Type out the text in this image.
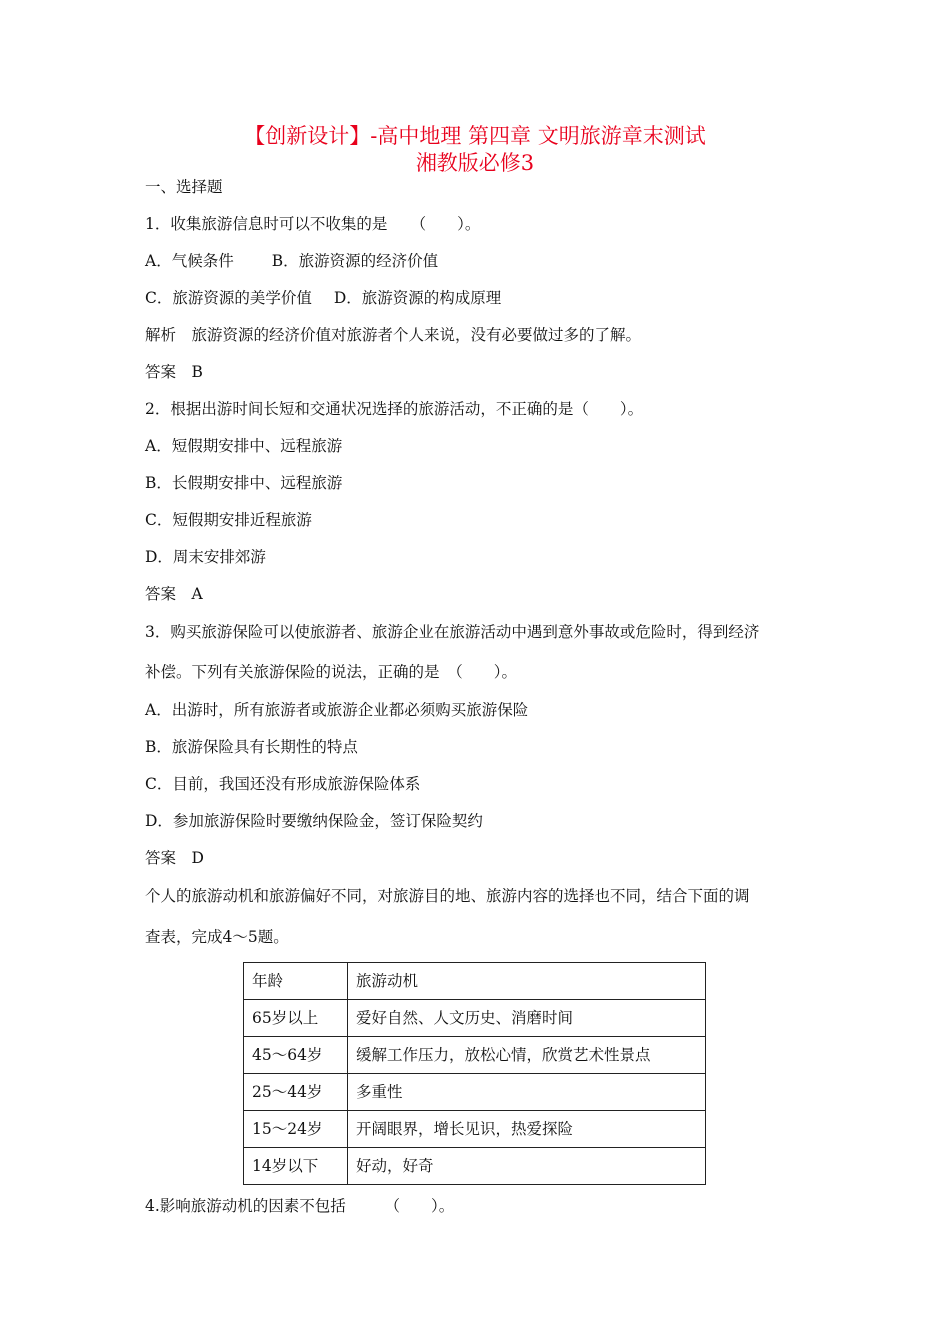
【创新设计】-高中地理 第四章 文明旅游章末测试
湘教版必修3
一、选择题
1．收集旅游信息时可以不收集的是　　（　　）。
A．气候条件 B．旅游资源的经济价值
C．旅游资源的美学价值 D．旅游资源的构成原理
解析　旅游资源的经济价值对旅游者个人来说，没有必要做过多的了解。
答案　B
2．根据出游时间长短和交通状况选择的旅游活动，不正确的是（　　）。
A．短假期安排中、远程旅游
B．长假期安排中、远程旅游
C．短假期安排近程旅游
D．周末安排郊游
答案　A
3．购买旅游保险可以使旅游者、旅游企业在旅游活动中遇到意外事故或危险时，得到经济
补偿。下列有关旅游保险的说法，正确的是　（　　）。
A．出游时，所有旅游者或旅游企业都必须购买旅游保险
B．旅游保险具有长期性的特点
C．目前，我国还没有形成旅游保险体系
D．参加旅游保险时要缴纳保险金，签订保险契约
答案　D
个人的旅游动机和旅游偏好不同，对旅游目的地、旅游内容的选择也不同，结合下面的调
查表，完成4～5题。
年龄	旅游动机
65岁以上	爱好自然、人文历史、消磨时间
45～64岁	缓解工作压力，放松心情，欣赏艺术性景点
25～44岁	多重性
15～24岁	开阔眼界，增长见识，热爱探险
14岁以下	好动，好奇
4.影响旅游动机的因素不包括　　　（　　）。
